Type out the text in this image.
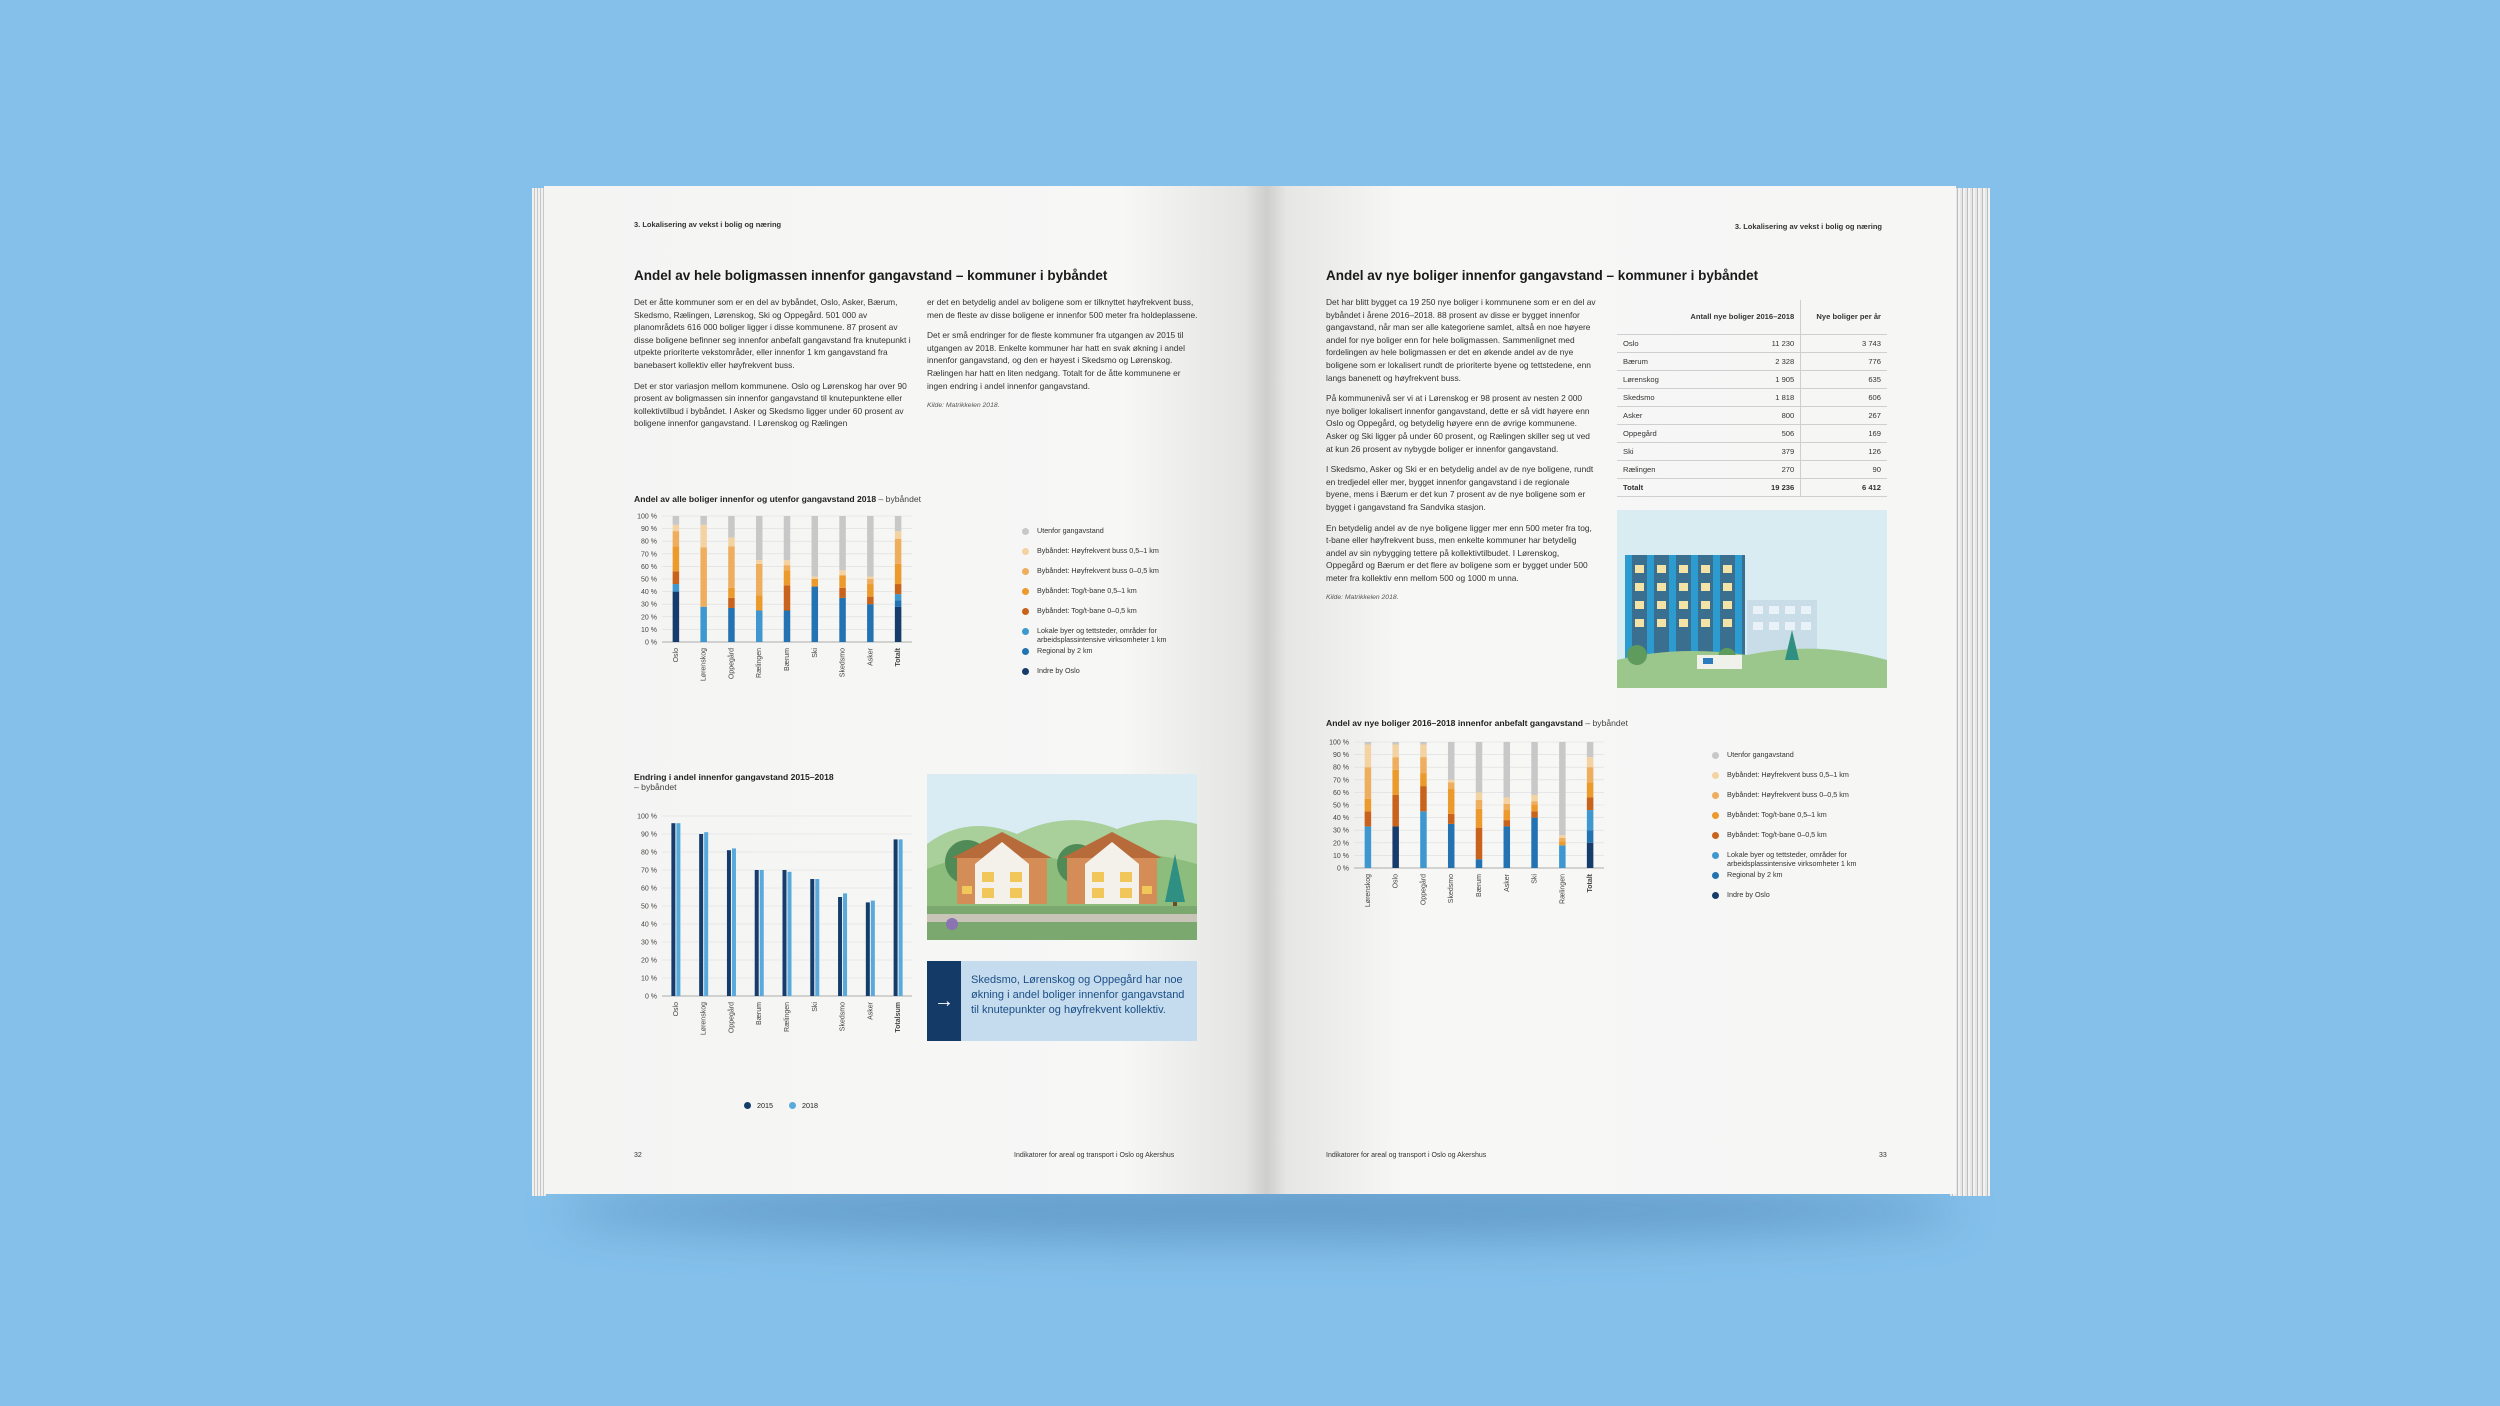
3. Lokalisering av vekst i bolig og næring
Andel av hele boligmassen innenfor gangavstand – kommuner i bybåndet

Det er åtte kommuner som er en del av bybåndet, Oslo, Asker, Bærum, Skedsmo, Rælingen, Lørenskog, Ski og Oppegård. 501 000 av planområdets 616 000 boliger ligger i disse kommunene. 87 prosent av disse boligene befinner seg innenfor anbefalt gangavstand fra knutepunkt i utpekte prioriterte vekstområder, eller innenfor 1 km gangavstand fra banebasert kollektiv eller høyfrekvent buss.

Det er stor variasjon mellom kommunene. Oslo og Lørenskog har over 90 prosent av boligmassen sin innenfor gangavstand til knutepunktene eller kollektivtilbud i bybåndet. I Asker og Skedsmo ligger under 60 prosent av boligene innenfor gangavstand. I Lørenskog og Rælingen

er det en betydelig andel av boligene som er tilknyttet høyfrekvent buss, men de fleste av disse boligene er innenfor 500 meter fra holdeplassene.

Det er små endringer for de fleste kommuner fra utgangen av 2015 til utgangen av 2018. Enkelte kommuner har hatt en svak økning i andel innenfor gangavstand, og den er høyest i Skedsmo og Lørenskog. Rælingen har hatt en liten nedgang. Totalt for de åtte kommunene er ingen endring i andel innenfor gangavstand.

Kilde: Matrikkelen 2018.
Andel av alle boliger innenfor og utenfor gangavstand 2018 – bybåndet
0 %
10 %
20 %
30 %
40 %
50 %
60 %
70 %
80 %
90 %
100 %
Oslo	Lørenskog	Oppegård	Rælingen	Bærum	Ski	Skedsmo	Asker	Totalt
Utenfor gangavstand
Bybåndet: Høyfrekvent buss 0,5–1 km
Bybåndet: Høyfrekvent buss 0–0,5 km
Bybåndet: Tog/t-bane 0,5–1 km
Bybåndet: Tog/t-bane 0–0,5 km
Lokale byer og tettsteder, områder for arbeidsplassintensive virksomheter 1 km
Regional by 2 km
Indre by Oslo
Endring i andel innenfor gangavstand 2015–2018
– bybåndet
0 %
10 %
20 %
30 %
40 %
50 %
60 %
70 %
80 %
90 %
100 %
Oslo	Lørenskog	Oppegård	Bærum	Rælingen	Ski	Skedsmo	Asker	Totalsum
2015	2018
→
Skedsmo, Lørenskog og Oppegård har noe økning i andel boliger innenfor gangavstand til knutepunkter og høyfrekvent kollektiv.
32	Indikatorer for areal og transport i Oslo og Akershus
3. Lokalisering av vekst i bolig og næring
Andel av nye boliger innenfor gangavstand – kommuner i bybåndet

Det har blitt bygget ca 19 250 nye boliger i kommunene som er en del av bybåndet i årene 2016–2018. 88 prosent av disse er bygget innenfor gangavstand, når man ser alle kategoriene samlet, altså en noe høyere andel for nye boliger enn for hele boligmassen. Sammenlignet med fordelingen av hele boligmassen er det en økende andel av de nye boligene som er lokalisert rundt de prioriterte byene og tettstedene, enn langs banenett og høyfrekvent buss.

På kommunenivå ser vi at i Lørenskog er 98 prosent av nesten 2 000 nye boliger lokalisert innenfor gangavstand, dette er så vidt høyere enn Oslo og Oppegård, og betydelig høyere enn de øvrige kommunene. Asker og Ski ligger på under 60 prosent, og Rælingen skiller seg ut ved at kun 26 prosent av nybygde boliger er innenfor gangavstand.

I Skedsmo, Asker og Ski er en betydelig andel av de nye boligene, rundt en tredjedel eller mer, bygget innenfor gangavstand i de regionale byene, mens i Bærum er det kun 7 prosent av de nye boligene som er bygget i gangavstand fra Sandvika stasjon.

En betydelig andel av de nye boligene ligger mer enn 500 meter fra tog, t-bane eller høyfrekvent buss, men enkelte kommuner har betydelig andel av sin nybygging tettere på kollektivtilbudet. I Lørenskog, Oppegård og Bærum er det flere av boligene som er bygget under 500 meter fra kollektiv enn mellom 500 og 1000 m unna.

Kilde: Matrikkelen 2018.
	Antall nye boliger 2016–2018	Nye boliger per år
Oslo	11 230	3 743
Bærum	2 328	776
Lørenskog	1 905	635
Skedsmo	1 818	606
Asker	800	267
Oppegård	506	169
Ski	379	126
Rælingen	270	90
Totalt	19 236	6 412
Andel av nye boliger 2016–2018 innenfor anbefalt gangavstand – bybåndet
0 %
10 %
20 %
30 %
40 %
50 %
60 %
70 %
80 %
90 %
100 %
Lørenskog	Oslo	Oppegård	Skedsmo	Bærum	Asker	Ski	Rælingen	Totalt
Utenfor gangavstand
Bybåndet: Høyfrekvent buss 0,5–1 km
Bybåndet: Høyfrekvent buss 0–0,5 km
Bybåndet: Tog/t-bane 0,5–1 km
Bybåndet: Tog/t-bane 0–0,5 km
Lokale byer og tettsteder, områder for arbeidsplassintensive virksomheter 1 km
Regional by 2 km
Indre by Oslo
Indikatorer for areal og transport i Oslo og Akershus	33
